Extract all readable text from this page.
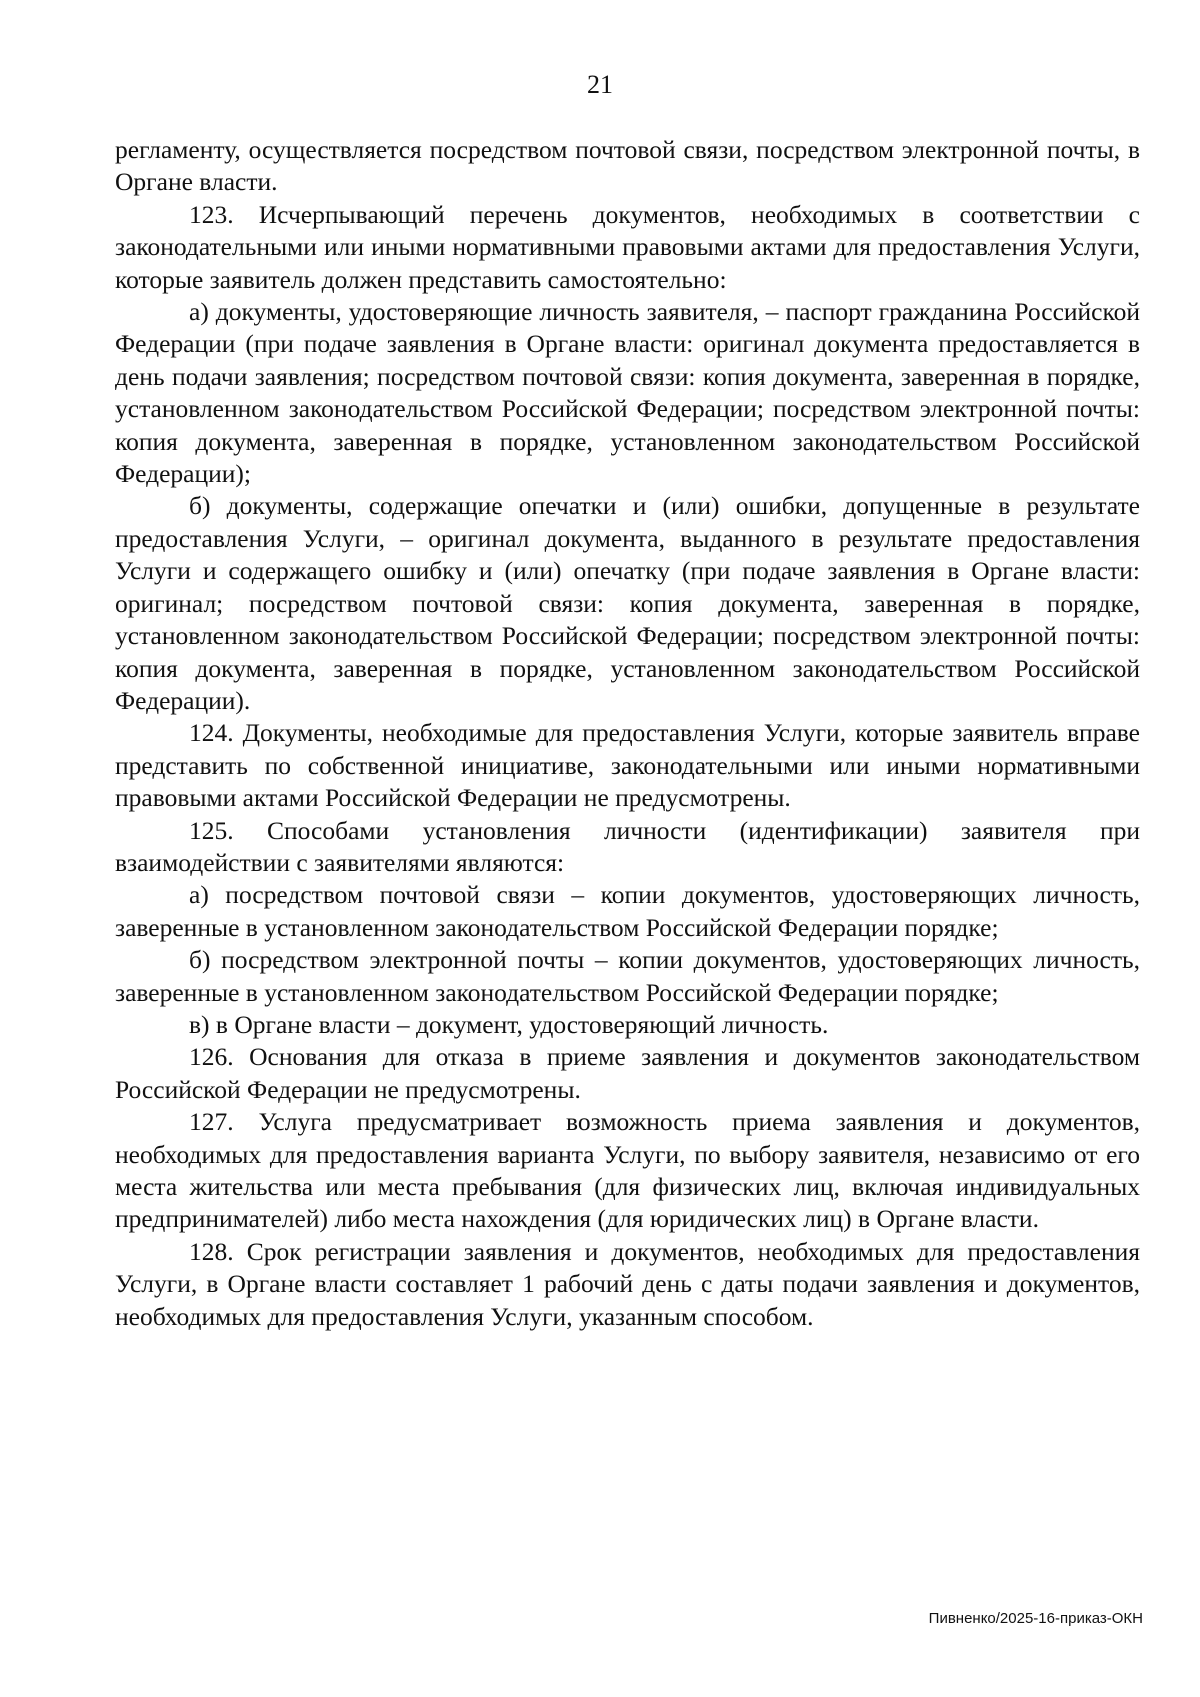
21

регламенту, осуществляется посредством почтовой связи, посредством электронной почты, в Органе власти.

123. Исчерпывающий перечень документов, необходимых в соответствии с законодательными или иными нормативными правовыми актами для предоставления Услуги, которые заявитель должен представить самостоятельно:

а) документы, удостоверяющие личность заявителя, – паспорт гражданина Российской Федерации (при подаче заявления в Органе власти: оригинал документа предоставляется в день подачи заявления; посредством почтовой связи: копия документа, заверенная в порядке, установленном законодательством Российской Федерации; посредством электронной почты: копия документа, заверенная в порядке, установленном законодательством Российской Федерации);

б) документы, содержащие опечатки и (или) ошибки, допущенные в результате предоставления Услуги, – оригинал документа, выданного в результате предоставления Услуги и содержащего ошибку и (или) опечатку (при подаче заявления в Органе власти: оригинал; посредством почтовой связи: копия документа, заверенная в порядке, установленном законодательством Российской Федерации; посредством электронной почты: копия документа, заверенная в порядке, установленном законодательством Российской Федерации).

124. Документы, необходимые для предоставления Услуги, которые заявитель вправе представить по собственной инициативе, законодательными или иными нормативными правовыми актами Российской Федерации не предусмотрены.

125. Способами установления личности (идентификации) заявителя при взаимодействии с заявителями являются:

а) посредством почтовой связи – копии документов, удостоверяющих личность, заверенные в установленном законодательством Российской Федерации порядке;

б) посредством электронной почты – копии документов, удостоверяющих личность, заверенные в установленном законодательством Российской Федерации порядке;

в) в Органе власти – документ, удостоверяющий личность.

126. Основания для отказа в приеме заявления и документов законодательством Российской Федерации не предусмотрены.

127. Услуга предусматривает возможность приема заявления и документов, необходимых для предоставления варианта Услуги, по выбору заявителя, независимо от его места жительства или места пребывания (для физических лиц, включая индивидуальных предпринимателей) либо места нахождения (для юридических лиц) в Органе власти.

128. Срок регистрации заявления и документов, необходимых для предоставления Услуги, в Органе власти составляет 1 рабочий день с даты подачи заявления и документов, необходимых для предоставления Услуги, указанным способом.

Пивненко/2025-16-приказ-ОКН
